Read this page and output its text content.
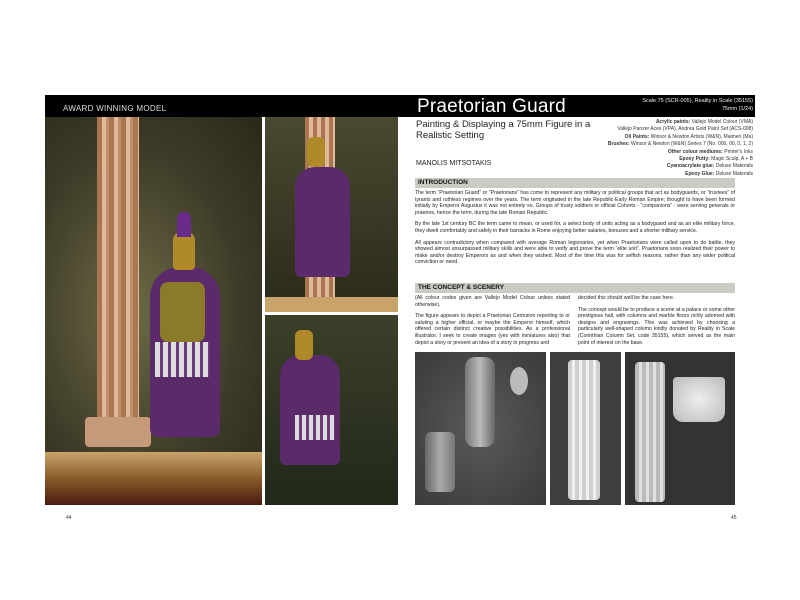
AWARD WINNING MODEL	Praetorian Guard	Scale 75 (SCR-005), Reality in Scale (35155)
75mm (1/24)
44
Painting & Displaying a 75mm Figure in a Realistic Setting
MANOLIS MITSOTAKIS
Acrylic paints: Vallejo Model Colour (VMA)
Vallejo Panzer Aces (VPA), Andrea Gold Paint Set (ACS-008)
Oil Paints: Winsor & Newton Artists (W&N), Maimeri (Ma)
Brushes: Winsor & Newton (W&N) Series 7 (No. 000, 00, 0, 1, 2)
Other colour mediums: Printer's Inks
Epoxy Putty: Magic Sculp, A + B
Cyanoacrylate glue: Deluxe Materials
Epoxy Glue: Deluxe Materials
INTRODUCTION

The term “Praetorian Guard” or “Praetorians” has come to represent any military or political groups that act as bodyguards, or “trustees” of tyrants and ruthless regimes over the years. The term originated in the late Republic-Early Roman Empire; thought to have been formed initially by Emperor Augustus it was not entirely so. Groups of trusty soldiers or official Cohorts - “companions” - were serving generals or praetors, hence the term, during the late Roman Republic.

By the late 1st century BC the term came to mean, or used for, a select body of units acting as a bodyguard and as an elite military force, they dwelt comfortably and safely in their barracks in Rome enjoying better salaries, bonuses and a shorter military service.

All appears contradictory when compared with average Roman legionaries, yet when Praetorians were called upon to do battle, they showed almost unsurpassed military skills and were able to verify and prove the term “elite unit”. Praetorians soon realized their power to make and/or destroy Emperors as and when they wished. Most of the time this was for selfish reasons, rather than any wider political conviction or need.

THE CONCEPT & SCENERY

(All colour codes given are Vallejo Model Colour unless stated otherwise).

The figure appears to depict a Praetorian Centurion reporting to or saluting a higher official, or maybe the Emperor himself, which offered certain distinct creative possibilities. As a professional illustrator, I seek to create images (yes with miniatures also) that depict a story or present an idea of a story in progress and

decided this should well be the case here.

The concept would be to produce a scene at a palace or some other prestigious hall, with columns and marble floors richly adorned with designs and engravings. This was achieved by choosing a particularly well-shaped column kindly donated by Reality in Scale (Corinthian Column Set, code 35155), which served as the main point of interest on the base.

45
